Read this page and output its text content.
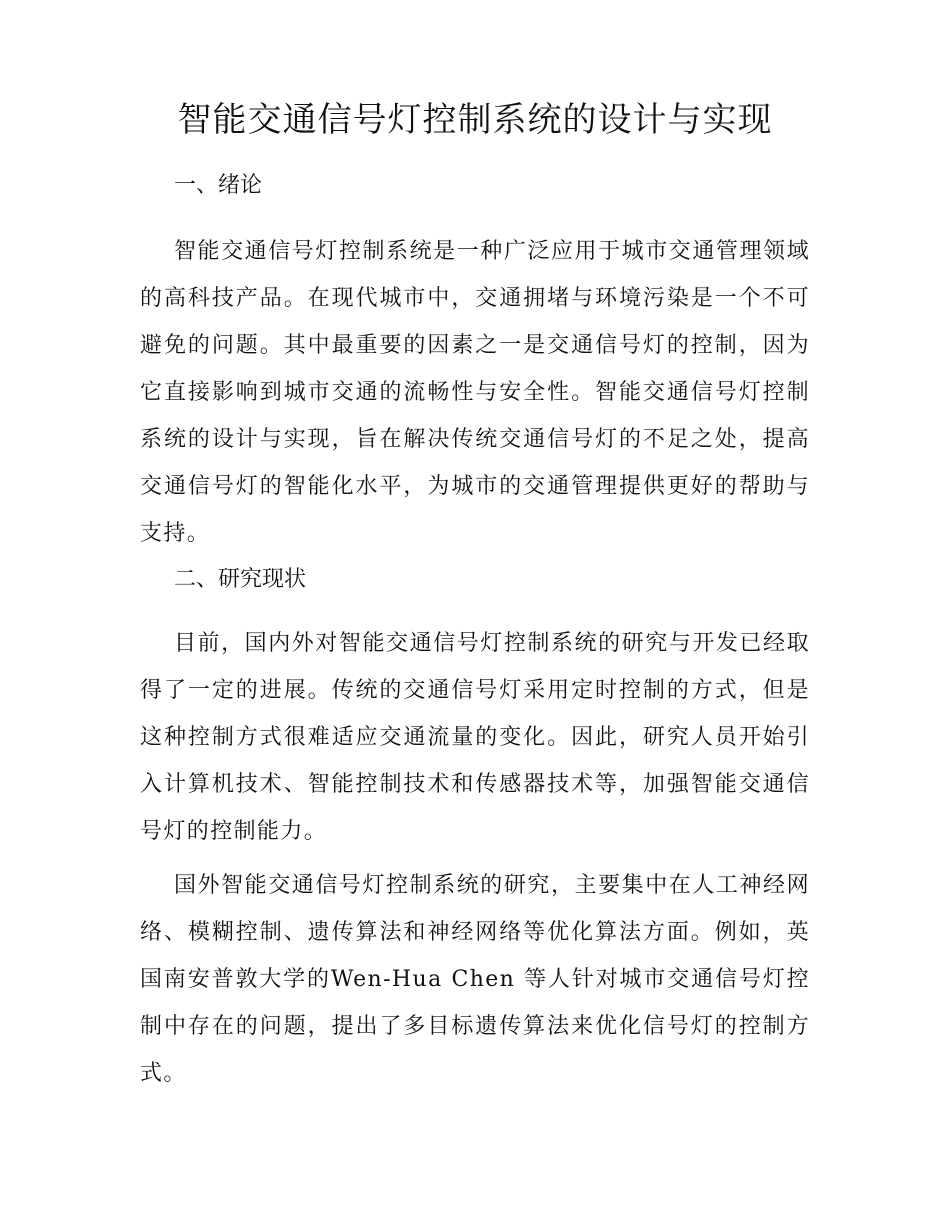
智能交通信号灯控制系统的设计与实现
一、绪论

智能交通信号灯控制系统是一种广泛应用于城市交通管理领域的高科技产品。在现代城市中，交通拥堵与环境污染是一个不可避免的问题。其中最重要的因素之一是交通信号灯的控制，因为它直接影响到城市交通的流畅性与安全性。智能交通信号灯控制系统的设计与实现，旨在解决传统交通信号灯的不足之处，提高交通信号灯的智能化水平，为城市的交通管理提供更好的帮助与支持。

二、研究现状

目前，国内外对智能交通信号灯控制系统的研究与开发已经取得了一定的进展。传统的交通信号灯采用定时控制的方式，但是这种控制方式很难适应交通流量的变化。因此，研究人员开始引入计算机技术、智能控制技术和传感器技术等，加强智能交通信号灯的控制能力。

国外智能交通信号灯控制系统的研究，主要集中在人工神经网络、模糊控制、遗传算法和神经网络等优化算法方面。例如，英国南安普敦大学的Wen-Hua Chen 等人针对城市交通信号灯控制中存在的问题，提出了多目标遗传算法来优化信号灯的控制方式。
